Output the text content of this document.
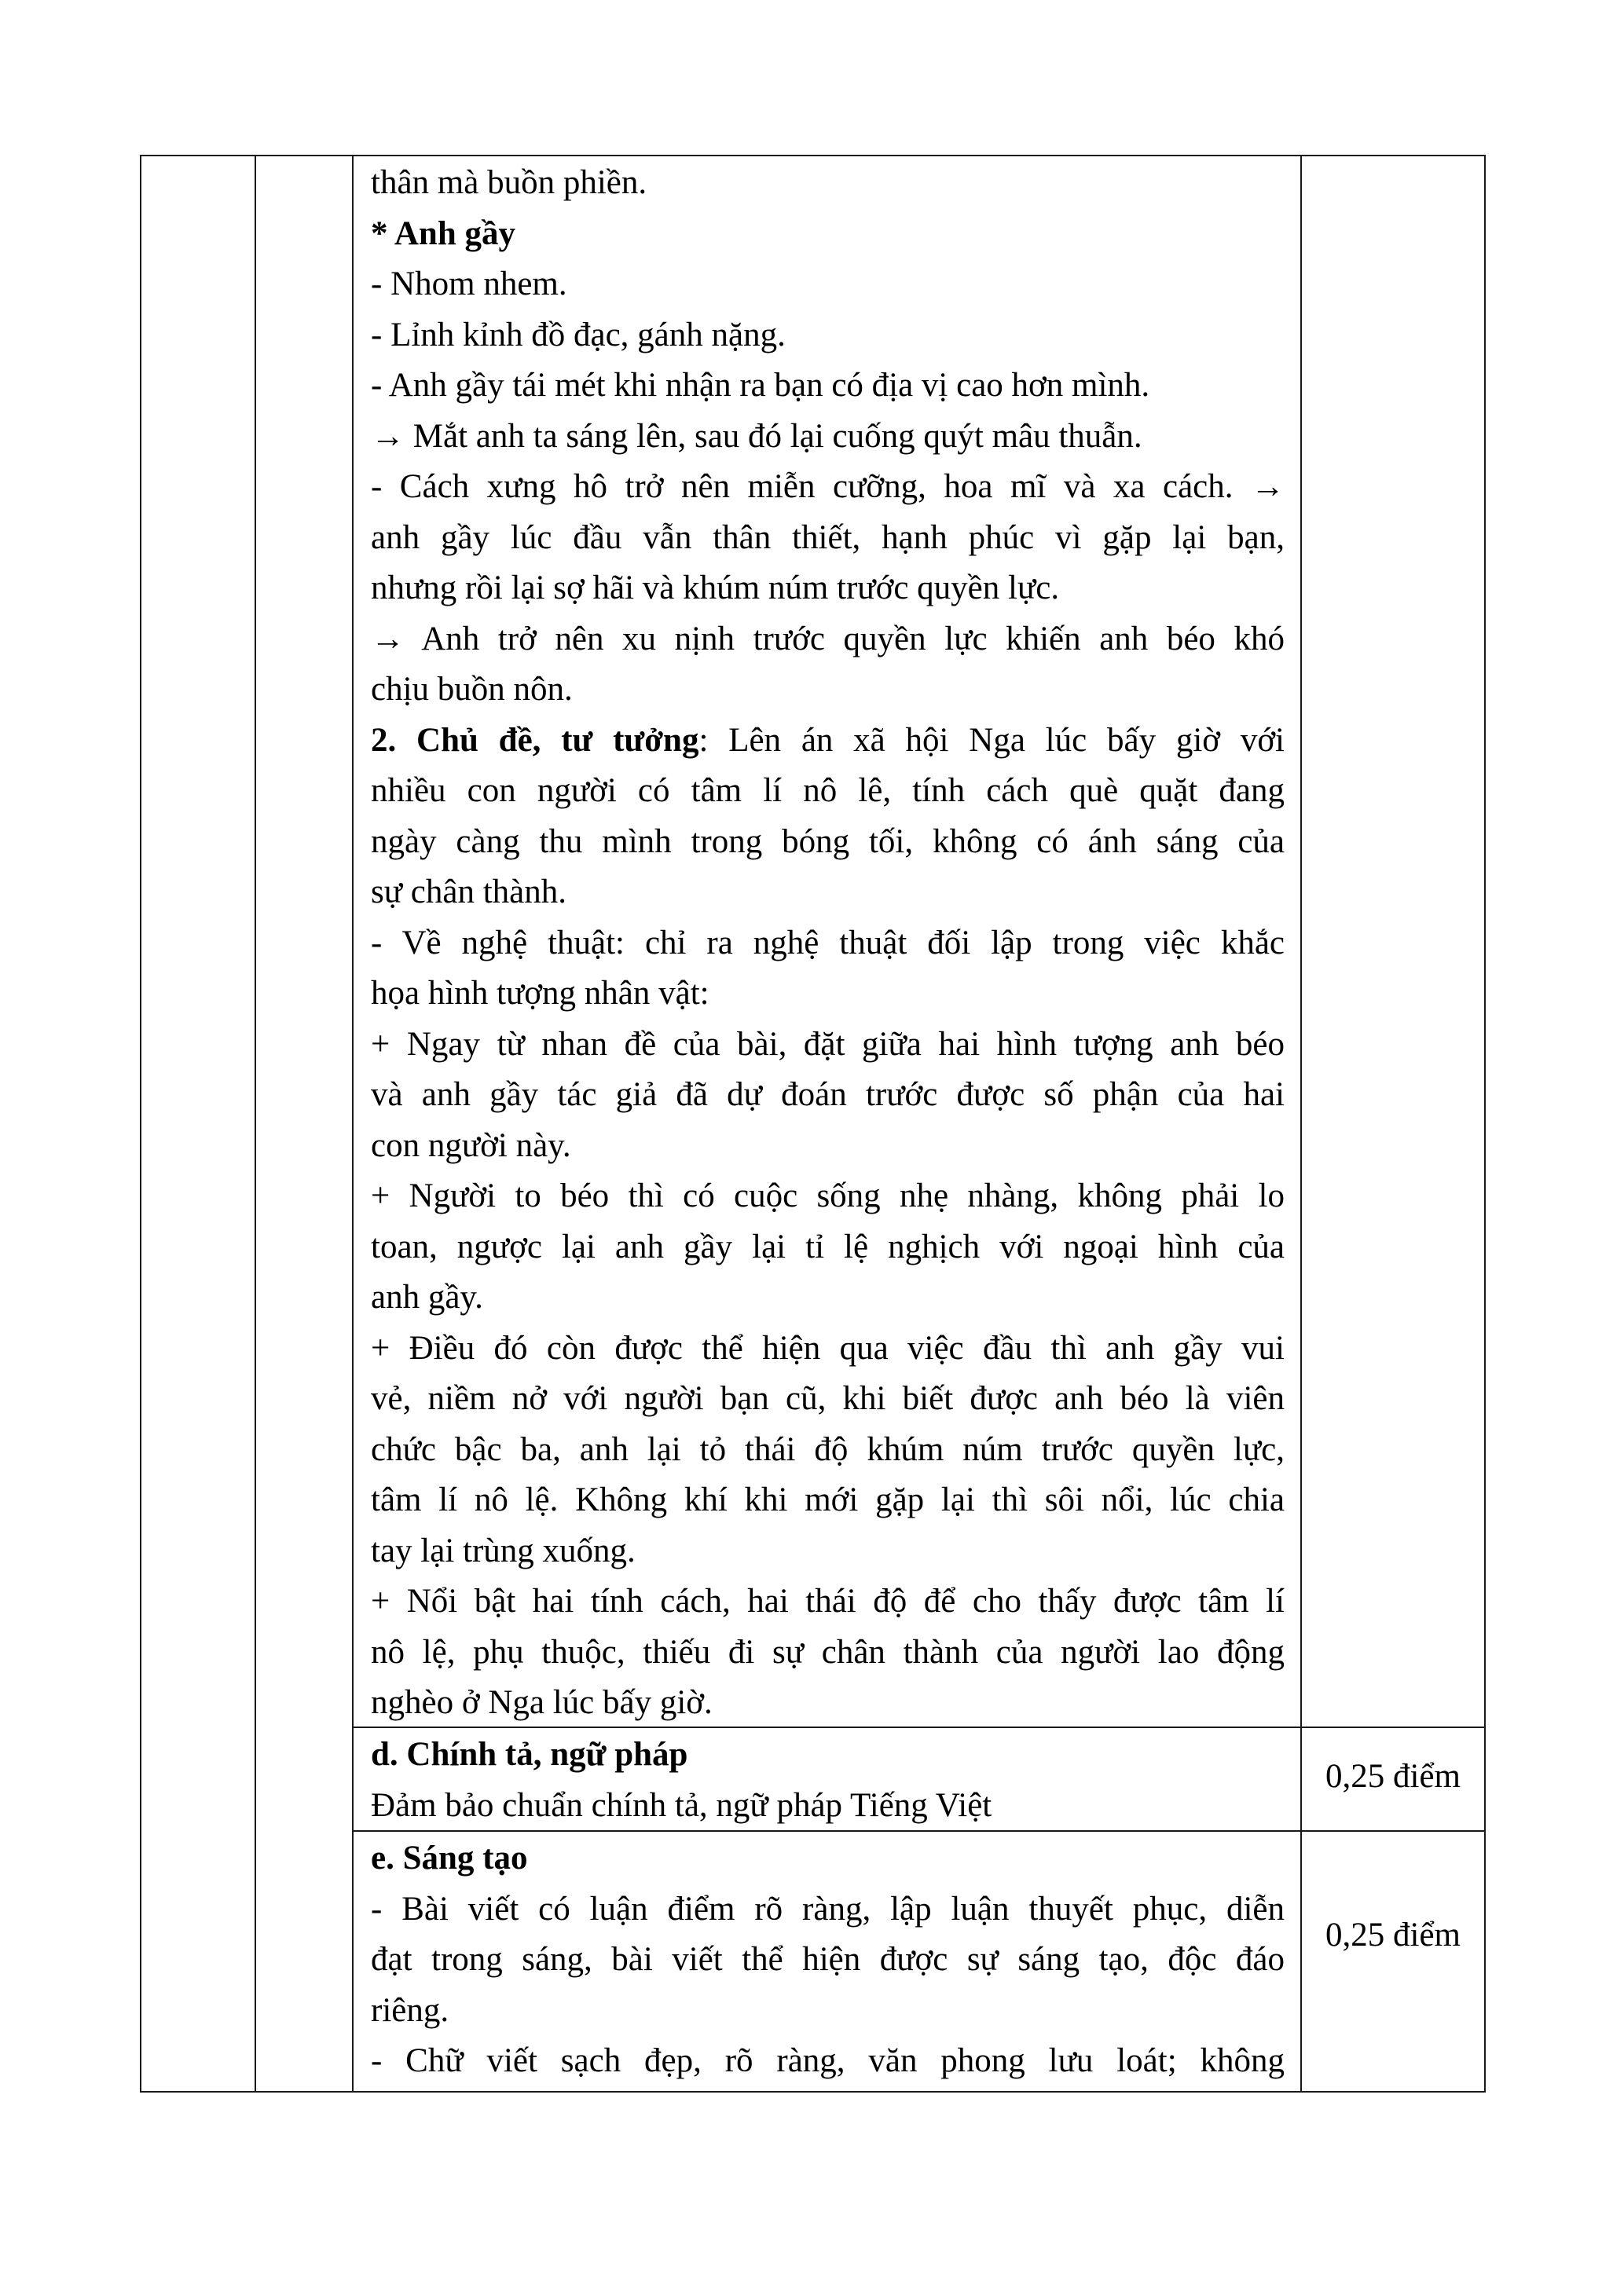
thân mà buồn phiền.
* Anh gầy
- Nhom nhem.
- Lỉnh kỉnh đồ đạc, gánh nặng.
- Anh gầy tái mét khi nhận ra bạn có địa vị cao hơn mình.
→ Mắt anh ta sáng lên, sau đó lại cuống quýt mâu thuẫn.
- Cách xưng hô trở nên miễn cưỡng, hoa mĩ và xa cách. →
anh gầy lúc đầu vẫn thân thiết, hạnh phúc vì gặp lại bạn,
nhưng rồi lại sợ hãi và khúm núm trước quyền lực.
→ Anh trở nên xu nịnh trước quyền lực khiến anh béo khó
chịu buồn nôn.
2. Chủ đề, tư tưởng: Lên án xã hội Nga lúc bấy giờ với
nhiều con người có tâm lí nô lê, tính cách què quặt đang
ngày càng thu mình trong bóng tối, không có ánh sáng của
sự chân thành.
- Về nghệ thuật: chỉ ra nghệ thuật đối lập trong việc khắc
họa hình tượng nhân vật:
+ Ngay từ nhan đề của bài, đặt giữa hai hình tượng anh béo
và anh gầy tác giả đã dự đoán trước được số phận của hai
con người này.
+ Người to béo thì có cuộc sống nhẹ nhàng, không phải lo
toan, ngược lại anh gầy lại tỉ lệ nghịch với ngoại hình của
anh gầy.
+ Điều đó còn được thể hiện qua việc đầu thì anh gầy vui
vẻ, niềm nở với người bạn cũ, khi biết được anh béo là viên
chức bậc ba, anh lại tỏ thái độ khúm núm trước quyền lực,
tâm lí nô lệ. Không khí khi mới gặp lại thì sôi nổi, lúc chia
tay lại trùng xuống.
+ Nổi bật hai tính cách, hai thái độ để cho thấy được tâm lí
nô lệ, phụ thuộc, thiếu đi sự chân thành của người lao động
nghèo ở Nga lúc bấy giờ.
d. Chính tả, ngữ pháp
Đảm bảo chuẩn chính tả, ngữ pháp Tiếng Việt
0,25 điểm
e. Sáng tạo
- Bài viết có luận điểm rõ ràng, lập luận thuyết phục, diễn
đạt trong sáng, bài viết thể hiện được sự sáng tạo, độc đáo
riêng.
- Chữ viết sạch đẹp, rõ ràng, văn phong lưu loát; không
0,25 điểm
